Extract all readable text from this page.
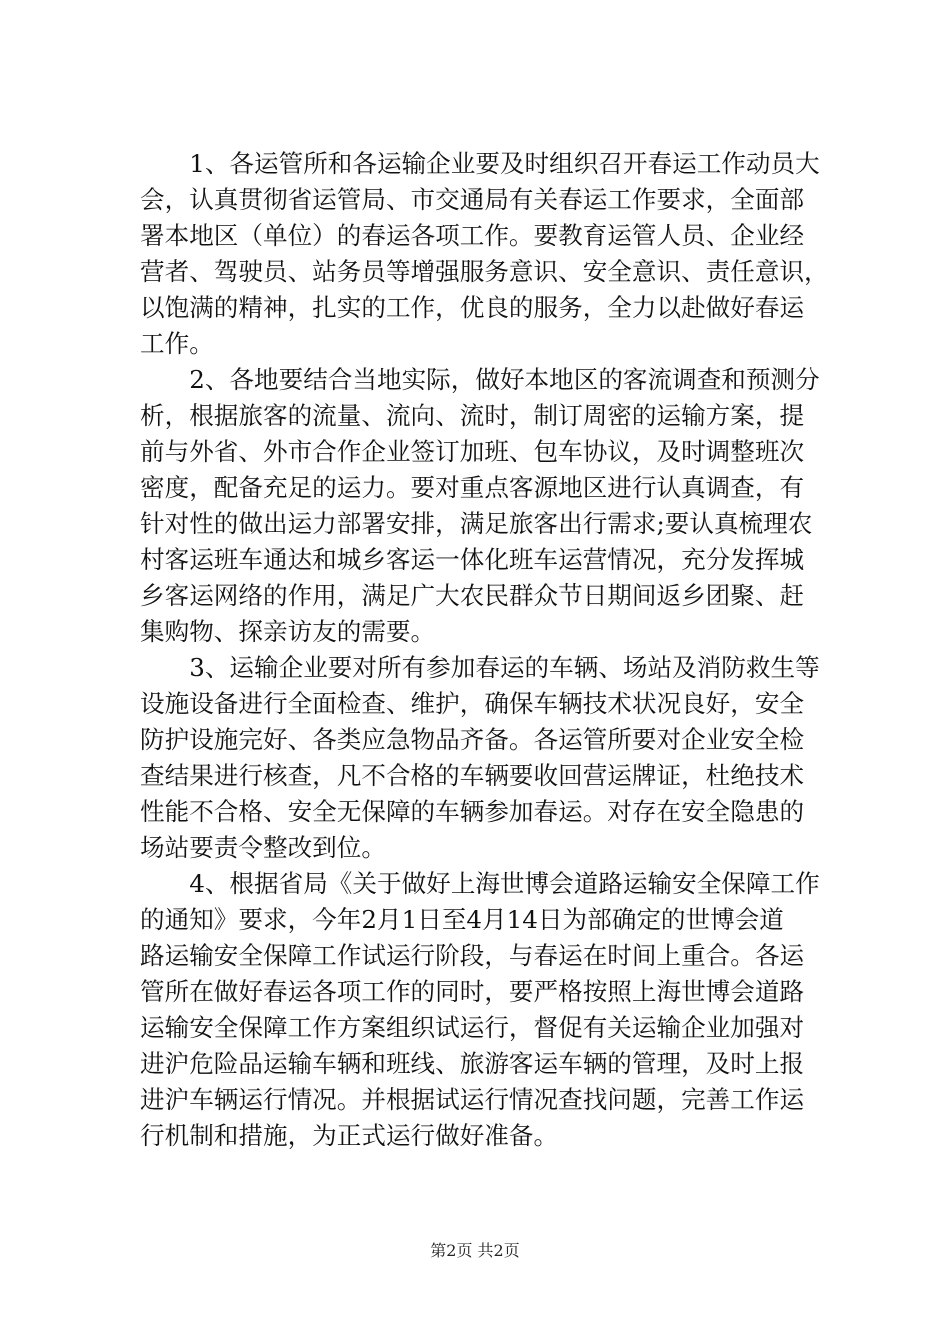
　　1、各运管所和各运输企业要及时组织召开春运工作动员大
会，认真贯彻省运管局、市交通局有关春运工作要求，全面部
署本地区（单位）的春运各项工作。要教育运管人员、企业经
营者、驾驶员、站务员等增强服务意识、安全意识、责任意识，
以饱满的精神，扎实的工作，优良的服务，全力以赴做好春运
工作。
　　2、各地要结合当地实际，做好本地区的客流调查和预测分
析，根据旅客的流量、流向、流时，制订周密的运输方案，提
前与外省、外市合作企业签订加班、包车协议，及时调整班次
密度，配备充足的运力。要对重点客源地区进行认真调查，有
针对性的做出运力部署安排，满足旅客出行需求;要认真梳理农
村客运班车通达和城乡客运一体化班车运营情况，充分发挥城
乡客运网络的作用，满足广大农民群众节日期间返乡团聚、赶
集购物、探亲访友的需要。
　　3、运输企业要对所有参加春运的车辆、场站及消防救生等
设施设备进行全面检查、维护，确保车辆技术状况良好，安全
防护设施完好、各类应急物品齐备。各运管所要对企业安全检
查结果进行核查，凡不合格的车辆要收回营运牌证，杜绝技术
性能不合格、安全无保障的车辆参加春运。对存在安全隐患的
场站要责令整改到位。
　　4、根据省局《关于做好上海世博会道路运输安全保障工作
的通知》要求，今年2月1日至4月14日为部确定的世博会道
路运输安全保障工作试运行阶段，与春运在时间上重合。各运
管所在做好春运各项工作的同时，要严格按照上海世博会道路
运输安全保障工作方案组织试运行，督促有关运输企业加强对
进沪危险品运输车辆和班线、旅游客运车辆的管理，及时上报
进沪车辆运行情况。并根据试运行情况查找问题，完善工作运
行机制和措施，为正式运行做好准备。
第2页 共2页
